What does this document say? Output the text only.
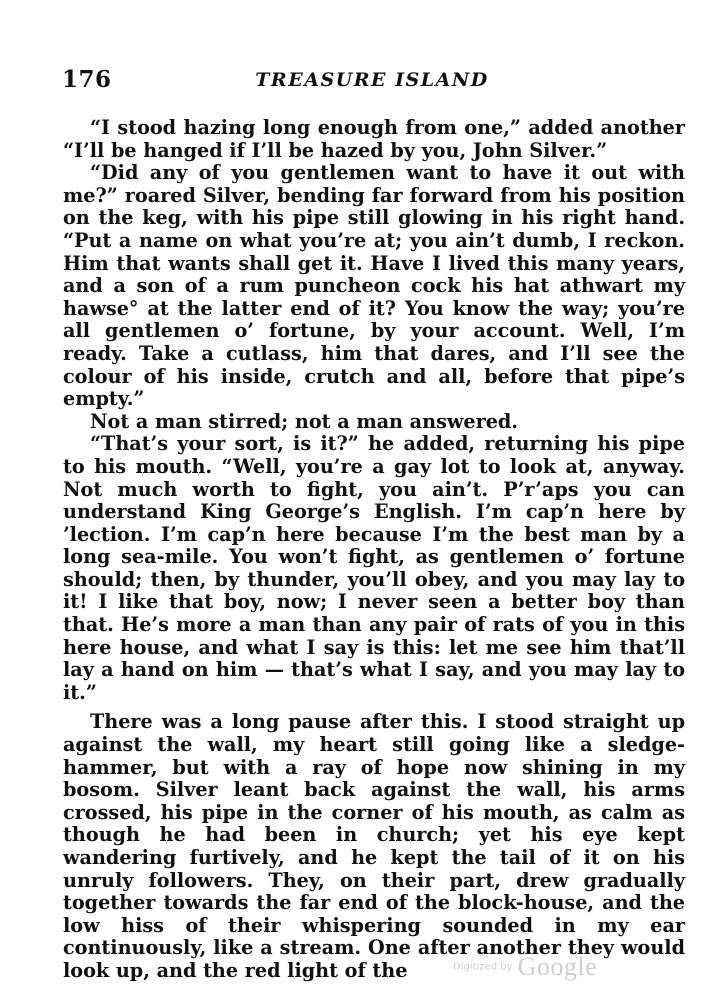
176	TREASURE ISLAND

“I stood hazing long enough from one,” added another “I’ll be hanged if I’ll be hazed by you, John Silver.”

“Did any of you gentlemen want to have it out with me?” roared Silver, bending far forward from his position on the keg, with his pipe still glowing in his right hand. “Put a name on what you’re at; you ain’t dumb, I reckon. Him that wants shall get it. Have I lived this many years, and a son of a rum puncheon cock his hat athwart my hawse° at the latter end of it? You know the way; you’re all gentlemen o’ fortune, by your account. Well, I’m ready. Take a cutlass, him that dares, and I’ll see the colour of his inside, crutch and all, before that pipe’s empty.”

Not a man stirred; not a man answered.

“That’s your sort, is it?” he added, returning his pipe to his mouth. “Well, you’re a gay lot to look at, anyway. Not much worth to fight, you ain’t. P’r’aps you can understand King George’s English. I’m cap’n here by ’lection. I’m cap’n here because I’m the best man by a long sea-mile. You won’t fight, as gentlemen o’ fortune should; then, by thunder, you’ll obey, and you may lay to it! I like that boy, now; I never seen a better boy than that. He’s more a man than any pair of rats of you in this here house, and what I say is this: let me see him that’ll lay a hand on him — that’s what I say, and you may lay to it.”

There was a long pause after this. I stood straight up against the wall, my heart still going like a sledge-hammer, but with a ray of hope now shining in my bosom. Silver leant back against the wall, his arms crossed, his pipe in the corner of his mouth, as calm as though he had been in church; yet his eye kept wandering furtively, and he kept the tail of it on his unruly followers. They, on their part, drew gradually together towards the far end of the block-house, and the low hiss of their whispering sounded in my ear continuously, like a stream. One after another they would look up, and the red light of the	Digitized by Google
